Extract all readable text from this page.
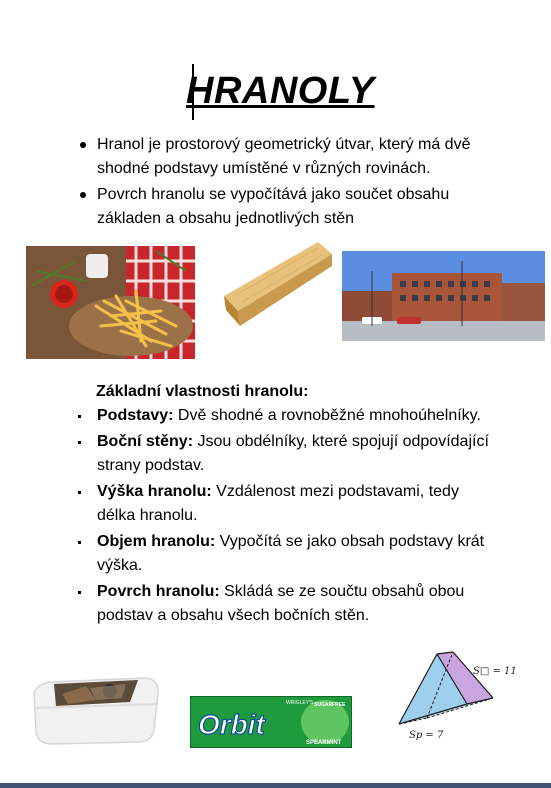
HRANOLY
Hranol je prostorový geometrický útvar, který má dvě shodné podstavy umístěné v různých rovinách.
Povrch hranolu se vypočítává jako součet obsahu základen a obsahu jednotlivých stěn
Základní vlastnosti hranolu:
Podstavy: Dvě shodné a rovnoběžné mnohoúhelníky.
Boční stěny: Jsou obdélníky, které spojují odpovídající strany podstav.
Výška hranolu: Vzdálenost mezi podstavami, tedy délka hranolu.
Objem hranolu: Vypočítá se jako obsah podstavy krát výška.
Povrch hranolu: Skládá se ze součtu obsahů obou podstav a obsahu všech bočních stěn.
WRIGLEY'S
Orbit
SUGARFREE
SPEARMINT
S□ = 11
Sp = 7
